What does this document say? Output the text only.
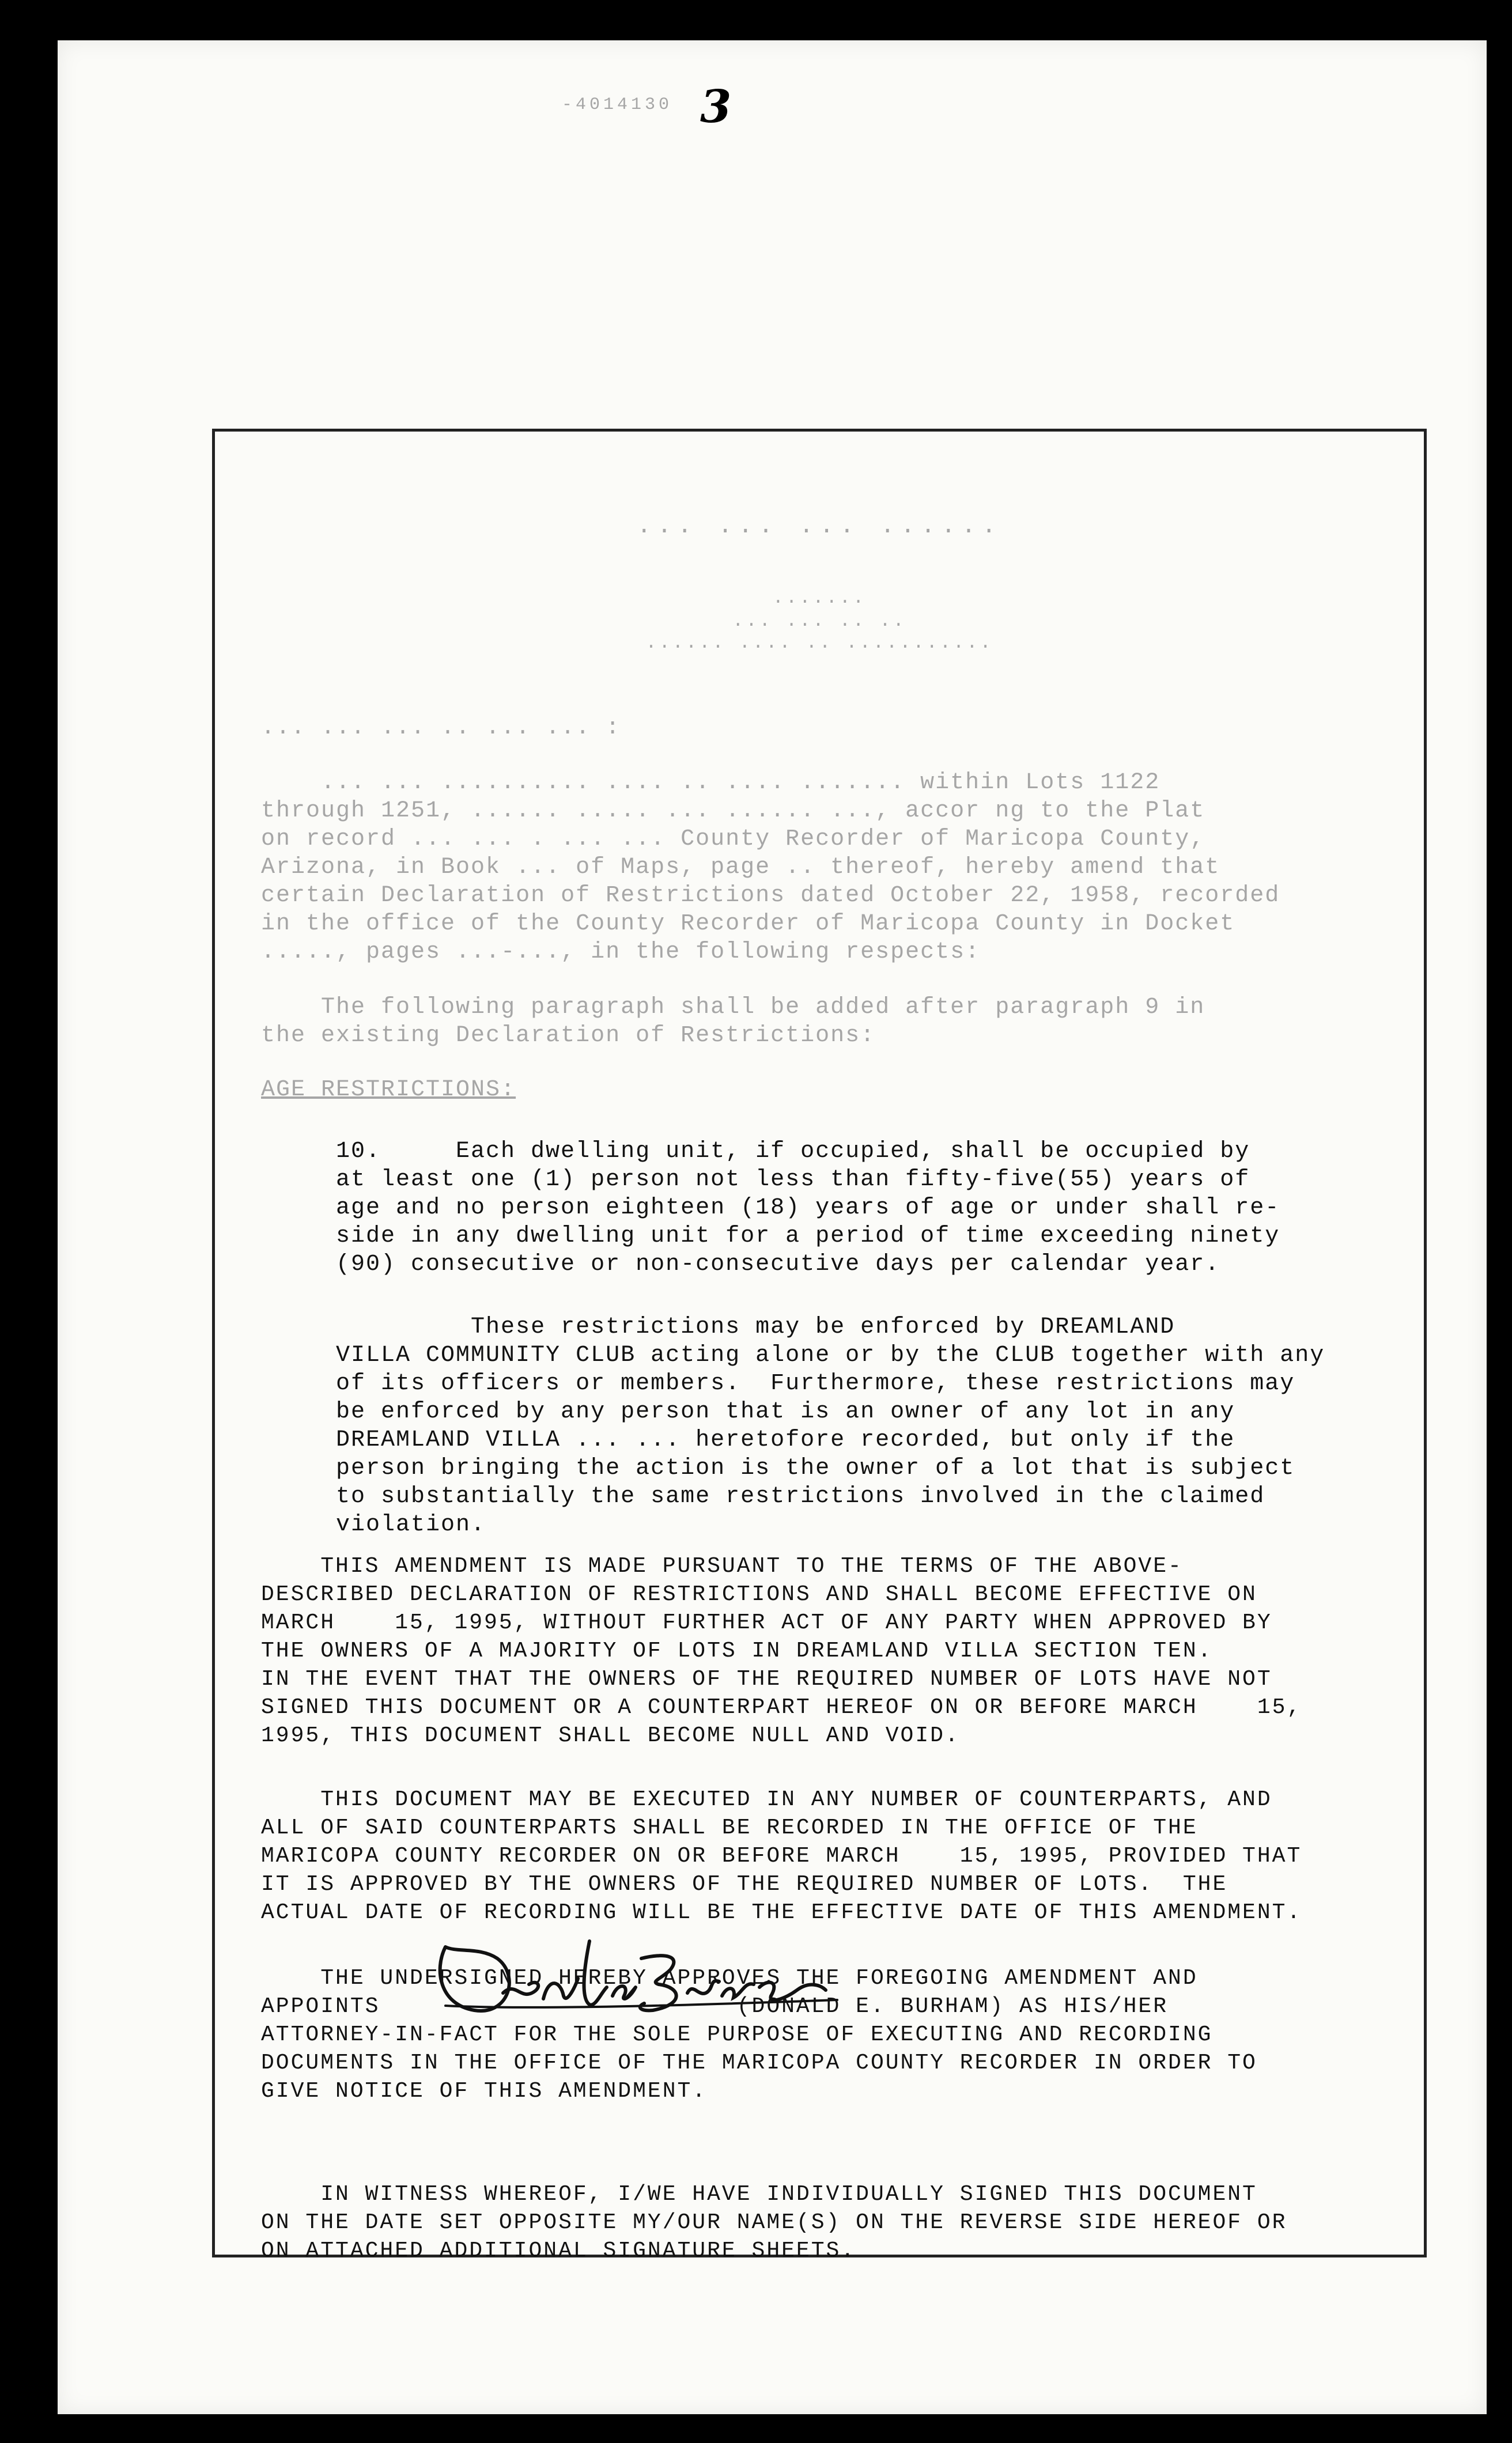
-4014130 3
... ... ... ......
.......
... ... .. ..
...... .... .. ...........
... ... ... .. ... ... :
... ... .......... .... .. .... ....... within Lots 1122
through 1251, ...... ..... ... ...... ..., accor ng to the Plat
on record ... ... . ... ... County Recorder of Maricopa County,
Arizona, in Book ... of Maps, page .. thereof, hereby amend that
certain Declaration of Restrictions dated October 22, 1958, recorded
in the office of the County Recorder of Maricopa County in Docket
....., pages ...-..., in the following respects:
The following paragraph shall be added after paragraph 9 in
the existing Declaration of Restrictions:
AGE RESTRICTIONS:
10.     Each dwelling unit, if occupied, shall be occupied by
at least one (1) person not less than fifty-five(55) years of
age and no person eighteen (18) years of age or under shall re-
side in any dwelling unit for a period of time exceeding ninety
(90) consecutive or non-consecutive days per calendar year.
These restrictions may be enforced by DREAMLAND
VILLA COMMUNITY CLUB acting alone or by the CLUB together with any
of its officers or members.  Furthermore, these restrictions may
be enforced by any person that is an owner of any lot in any
DREAMLAND VILLA ... ... heretofore recorded, but only if the
person bringing the action is the owner of a lot that is subject
to substantially the same restrictions involved in the claimed
violation.
THIS AMENDMENT IS MADE PURSUANT TO THE TERMS OF THE ABOVE-
DESCRIBED DECLARATION OF RESTRICTIONS AND SHALL BECOME EFFECTIVE ON
MARCH    15, 1995, WITHOUT FURTHER ACT OF ANY PARTY WHEN APPROVED BY
THE OWNERS OF A MAJORITY OF LOTS IN DREAMLAND VILLA SECTION TEN.
IN THE EVENT THAT THE OWNERS OF THE REQUIRED NUMBER OF LOTS HAVE NOT
SIGNED THIS DOCUMENT OR A COUNTERPART HEREOF ON OR BEFORE MARCH    15,
1995, THIS DOCUMENT SHALL BECOME NULL AND VOID.
THIS DOCUMENT MAY BE EXECUTED IN ANY NUMBER OF COUNTERPARTS, AND
ALL OF SAID COUNTERPARTS SHALL BE RECORDED IN THE OFFICE OF THE
MARICOPA COUNTY RECORDER ON OR BEFORE MARCH    15, 1995, PROVIDED THAT
IT IS APPROVED BY THE OWNERS OF THE REQUIRED NUMBER OF LOTS.  THE
ACTUAL DATE OF RECORDING WILL BE THE EFFECTIVE DATE OF THIS AMENDMENT.
THE UNDERSIGNED HEREBY APPROVES THE FOREGOING AMENDMENT AND
APPOINTS                        (DONALD E. BURHAM) AS HIS/HER
ATTORNEY-IN-FACT FOR THE SOLE PURPOSE OF EXECUTING AND RECORDING
DOCUMENTS IN THE OFFICE OF THE MARICOPA COUNTY RECORDER IN ORDER TO
GIVE NOTICE OF THIS AMENDMENT.
IN WITNESS WHEREOF, I/WE HAVE INDIVIDUALLY SIGNED THIS DOCUMENT
ON THE DATE SET OPPOSITE MY/OUR NAME(S) ON THE REVERSE SIDE HEREOF OR
ON ATTACHED ADDITIONAL SIGNATURE SHEETS.
